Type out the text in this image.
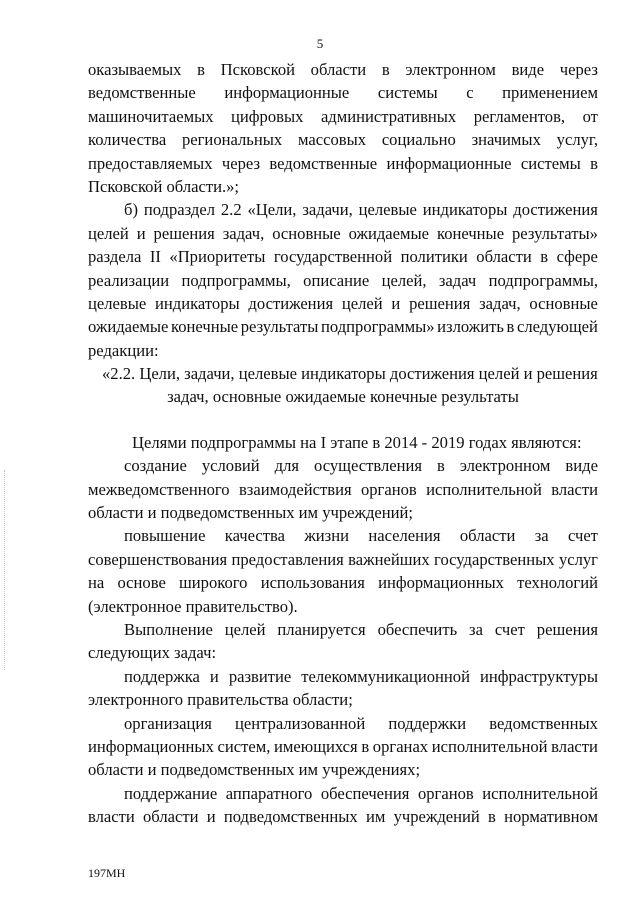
5
оказываемых в Псковской области в электронном виде через
ведомственные информационные системы с применением
машиночитаемых цифровых административных регламентов, от
количества региональных массовых социально значимых услуг,
предоставляемых через ведомственные информационные системы в
Псковской области.»;
б) подраздел 2.2 «Цели, задачи, целевые индикаторы достижения
целей и решения задач, основные ожидаемые конечные результаты»
раздела II «Приоритеты государственной политики области в сфере
реализации подпрограммы, описание целей, задач подпрограммы,
целевые индикаторы достижения целей и решения задач, основные
ожидаемые конечные результаты подпрограммы» изложить в следующей
редакции:
«2.2. Цели, задачи, целевые индикаторы достижения целей и решения
задач, основные ожидаемые конечные результаты
Целями подпрограммы на I этапе в 2014 - 2019 годах являются:
создание условий для осуществления в электронном виде
межведомственного взаимодействия органов исполнительной власти
области и подведомственных им учреждений;
повышение качества жизни населения области за счет
совершенствования предоставления важнейших государственных услуг
на основе широкого использования информационных технологий
(электронное правительство).
Выполнение целей планируется обеспечить за счет решения
следующих задач:
поддержка и развитие телекоммуникационной инфраструктуры
электронного правительства области;
организация централизованной поддержки ведомственных
информационных систем, имеющихся в органах исполнительной власти
области и подведомственных им учреждениях;
поддержание аппаратного обеспечения органов исполнительной
власти области и подведомственных им учреждений в нормативном
197МН
